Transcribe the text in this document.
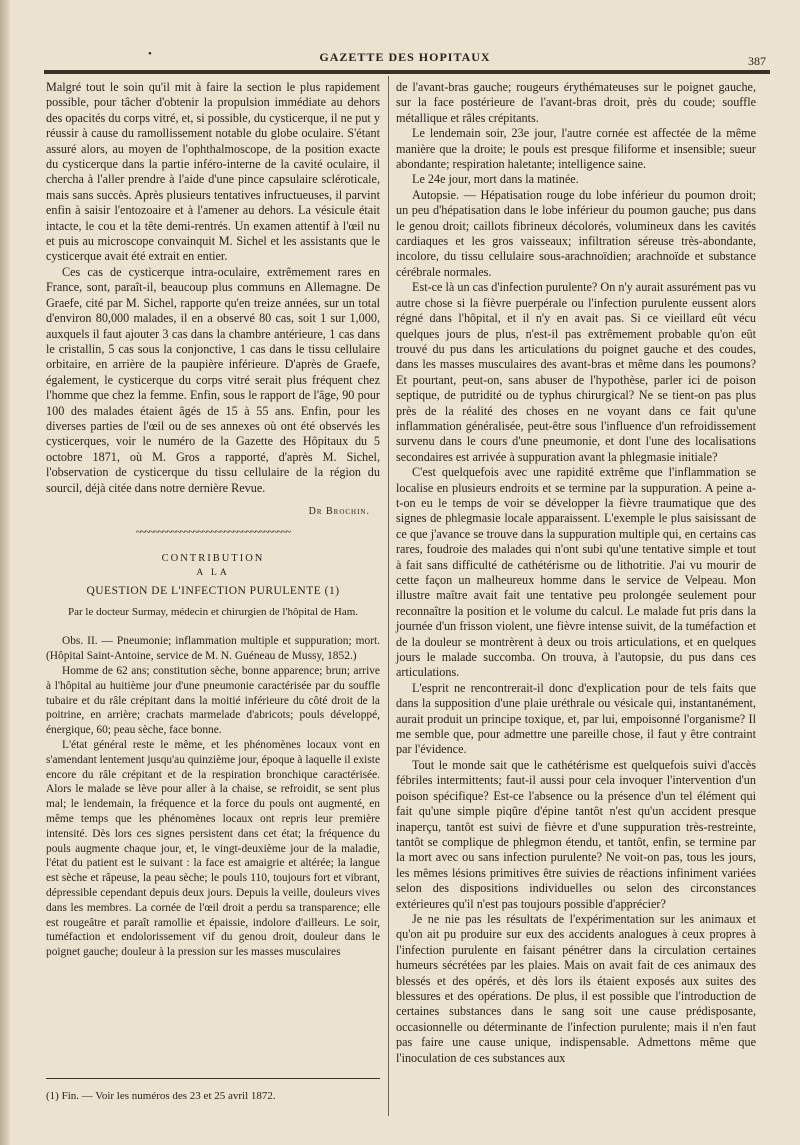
•	GAZETTE DES HOPITAUX	387

Malgré tout le soin qu'il mit à faire la section le plus rapidement possible, pour tâcher d'obtenir la propulsion immédiate au dehors des opacités du corps vitré, et, si possible, du cysticerque, il ne put y réussir à cause du ramollissement notable du globe oculaire. S'étant assuré alors, au moyen de l'ophthalmoscope, de la position exacte du cysticerque dans la partie inféro-interne de la cavité oculaire, il chercha à l'aller prendre à l'aide d'une pince capsulaire scléroticale, mais sans succès. Après plusieurs tentatives infructueuses, il parvint enfin à saisir l'entozoaire et à l'amener au dehors. La vésicule était intacte, le cou et la tête demi-rentrés. Un examen attentif à l'œil nu et puis au microscope convainquit M. Sichel et les assistants que le cysticerque avait été extrait en entier.

Ces cas de cysticerque intra-oculaire, extrêmement rares en France, sont, paraît-il, beaucoup plus communs en Allemagne. De Graefe, cité par M. Sichel, rapporte qu'en treize années, sur un total d'environ 80,000 malades, il en a observé 80 cas, soit 1 sur 1,000, auxquels il faut ajouter 3 cas dans la chambre antérieure, 1 cas dans le cristallin, 5 cas sous la conjonctive, 1 cas dans le tissu cellulaire orbitaire, en arrière de la paupière inférieure. D'après de Graefe, également, le cysticerque du corps vitré serait plus fréquent chez l'homme que chez la femme. Enfin, sous le rapport de l'âge, 90 pour 100 des malades étaient âgés de 15 à 55 ans. Enfin, pour les diverses parties de l'œil ou de ses annexes où ont été observés les cysticerques, voir le numéro de la Gazette des Hôpitaux du 5 octobre 1871, où M. Gros a rapporté, d'après M. Sichel, l'observation de cysticerque du tissu cellulaire de la région du sourcil, déjà citée dans notre dernière Revue.

Dr Brochin.

~~~~~~~~~~~~~~~~~~~~~~~~~~~~~~~~~~~

CONTRIBUTION

A LA

QUESTION DE L'INFECTION PURULENTE (1)

Par le docteur Surmay, médecin et chirurgien de l'hôpital de Ham.

Obs. II. — Pneumonie; inflammation multiple et suppuration; mort. (Hôpital Saint-Antoine, service de M. N. Guéneau de Mussy, 1852.)

Homme de 62 ans; constitution sèche, bonne apparence; brun; arrive à l'hôpital au huitième jour d'une pneumonie caractérisée par du souffle tubaire et du râle crépitant dans la moitié inférieure du côté droit de la poitrine, en arrière; crachats marmelade d'abricots; pouls développé, énergique, 60; peau sèche, face bonne.

L'état général reste le même, et les phénomènes locaux vont en s'amendant lentement jusqu'au quinzième jour, époque à laquelle il existe encore du râle crépitant et de la respiration bronchique caractérisée. Alors le malade se lève pour aller à la chaise, se refroidit, se sent plus mal; le lendemain, la fréquence et la force du pouls ont augmenté, en même temps que les phénomènes locaux ont repris leur première intensité. Dès lors ces signes persistent dans cet état; la fréquence du pouls augmente chaque jour, et, le vingt-deuxième jour de la maladie, l'état du patient est le suivant : la face est amaigrie et altérée; la langue est sèche et râpeuse, la peau sèche; le pouls 110, toujours fort et vibrant, dépressible cependant depuis deux jours. Depuis la veille, douleurs vives dans les membres. La cornée de l'œil droit a perdu sa transparence; elle est rougeâtre et paraît ramollie et épaissie, indolore d'ailleurs. Le soir, tuméfaction et endolorissement vif du genou droit, douleur dans le poignet gauche; douleur à la pression sur les masses musculaires

(1) Fin. — Voir les numéros des 23 et 25 avril 1872.

de l'avant-bras gauche; rougeurs érythémateuses sur le poignet gauche, sur la face postérieure de l'avant-bras droit, près du coude; souffle métallique et râles crépitants.

Le lendemain soir, 23e jour, l'autre cornée est affectée de la même manière que la droite; le pouls est presque filiforme et insensible; sueur abondante; respiration haletante; intelligence saine.

Le 24e jour, mort dans la matinée.

Autopsie. — Hépatisation rouge du lobe inférieur du poumon droit; un peu d'hépatisation dans le lobe inférieur du poumon gauche; pus dans le genou droit; caillots fibrineux décolorés, volumineux dans les cavités cardiaques et les gros vaisseaux; infiltration séreuse très-abondante, incolore, du tissu cellulaire sous-arachnoïdien; arachnoïde et substance cérébrale normales.

Est-ce là un cas d'infection purulente? On n'y aurait assurément pas vu autre chose si la fièvre puerpérale ou l'infection purulente eussent alors régné dans l'hôpital, et il n'y en avait pas. Si ce vieillard eût vécu quelques jours de plus, n'est-il pas extrêmement probable qu'on eût trouvé du pus dans les articulations du poignet gauche et des coudes, dans les masses musculaires des avant-bras et même dans les poumons? Et pourtant, peut-on, sans abuser de l'hypothèse, parler ici de poison septique, de putridité ou de typhus chirurgical? Ne se tient-on pas plus près de la réalité des choses en ne voyant dans ce fait qu'une inflammation généralisée, peut-être sous l'influence d'un refroidissement survenu dans le cours d'une pneumonie, et dont l'une des localisations secondaires est arrivée à suppuration avant la phlegmasie initiale?

C'est quelquefois avec une rapidité extrême que l'inflammation se localise en plusieurs endroits et se termine par la suppuration. A peine a-t-on eu le temps de voir se développer la fièvre traumatique que des signes de phlegmasie locale apparaissent. L'exemple le plus saisissant de ce que j'avance se trouve dans la suppuration multiple qui, en certains cas rares, foudroie des malades qui n'ont subi qu'une tentative simple et tout à fait sans difficulté de cathétérisme ou de lithotritie. J'ai vu mourir de cette façon un malheureux homme dans le service de Velpeau. Mon illustre maître avait fait une tentative peu prolongée seulement pour reconnaître la position et le volume du calcul. Le malade fut pris dans la journée d'un frisson violent, une fièvre intense suivit, de la tuméfaction et de la douleur se montrèrent à deux ou trois articulations, et en quelques jours le malade succomba. On trouva, à l'autopsie, du pus dans ces articulations.

L'esprit ne rencontrerait-il donc d'explication pour de tels faits que dans la supposition d'une plaie uréthrale ou vésicale qui, instantanément, aurait produit un principe toxique, et, par lui, empoisonné l'organisme? Il me semble que, pour admettre une pareille chose, il faut y être contraint par l'évidence.

Tout le monde sait que le cathétérisme est quelquefois suivi d'accès fébriles intermittents; faut-il aussi pour cela invoquer l'intervention d'un poison spécifique? Est-ce l'absence ou la présence d'un tel élément qui fait qu'une simple piqûre d'épine tantôt n'est qu'un accident presque inaperçu, tantôt est suivi de fièvre et d'une suppuration très-restreinte, tantôt se complique de phlegmon étendu, et tantôt, enfin, se termine par la mort avec ou sans infection purulente? Ne voit-on pas, tous les jours, les mêmes lésions primitives être suivies de réactions infiniment variées selon des dispositions individuelles ou selon des circonstances extérieures qu'il n'est pas toujours possible d'apprécier?

Je ne nie pas les résultats de l'expérimentation sur les animaux et qu'on ait pu produire sur eux des accidents analogues à ceux propres à l'infection purulente en faisant pénétrer dans la circulation certaines humeurs sécrétées par les plaies. Mais on avait fait de ces animaux des blessés et des opérés, et dès lors ils étaient exposés aux suites des blessures et des opérations. De plus, il est possible que l'introduction de certaines substances dans le sang soit une cause prédisposante, occasionnelle ou déterminante de l'infection purulente; mais il n'en faut pas faire une cause unique, indispensable. Admettons même que l'inoculation de ces substances aux
